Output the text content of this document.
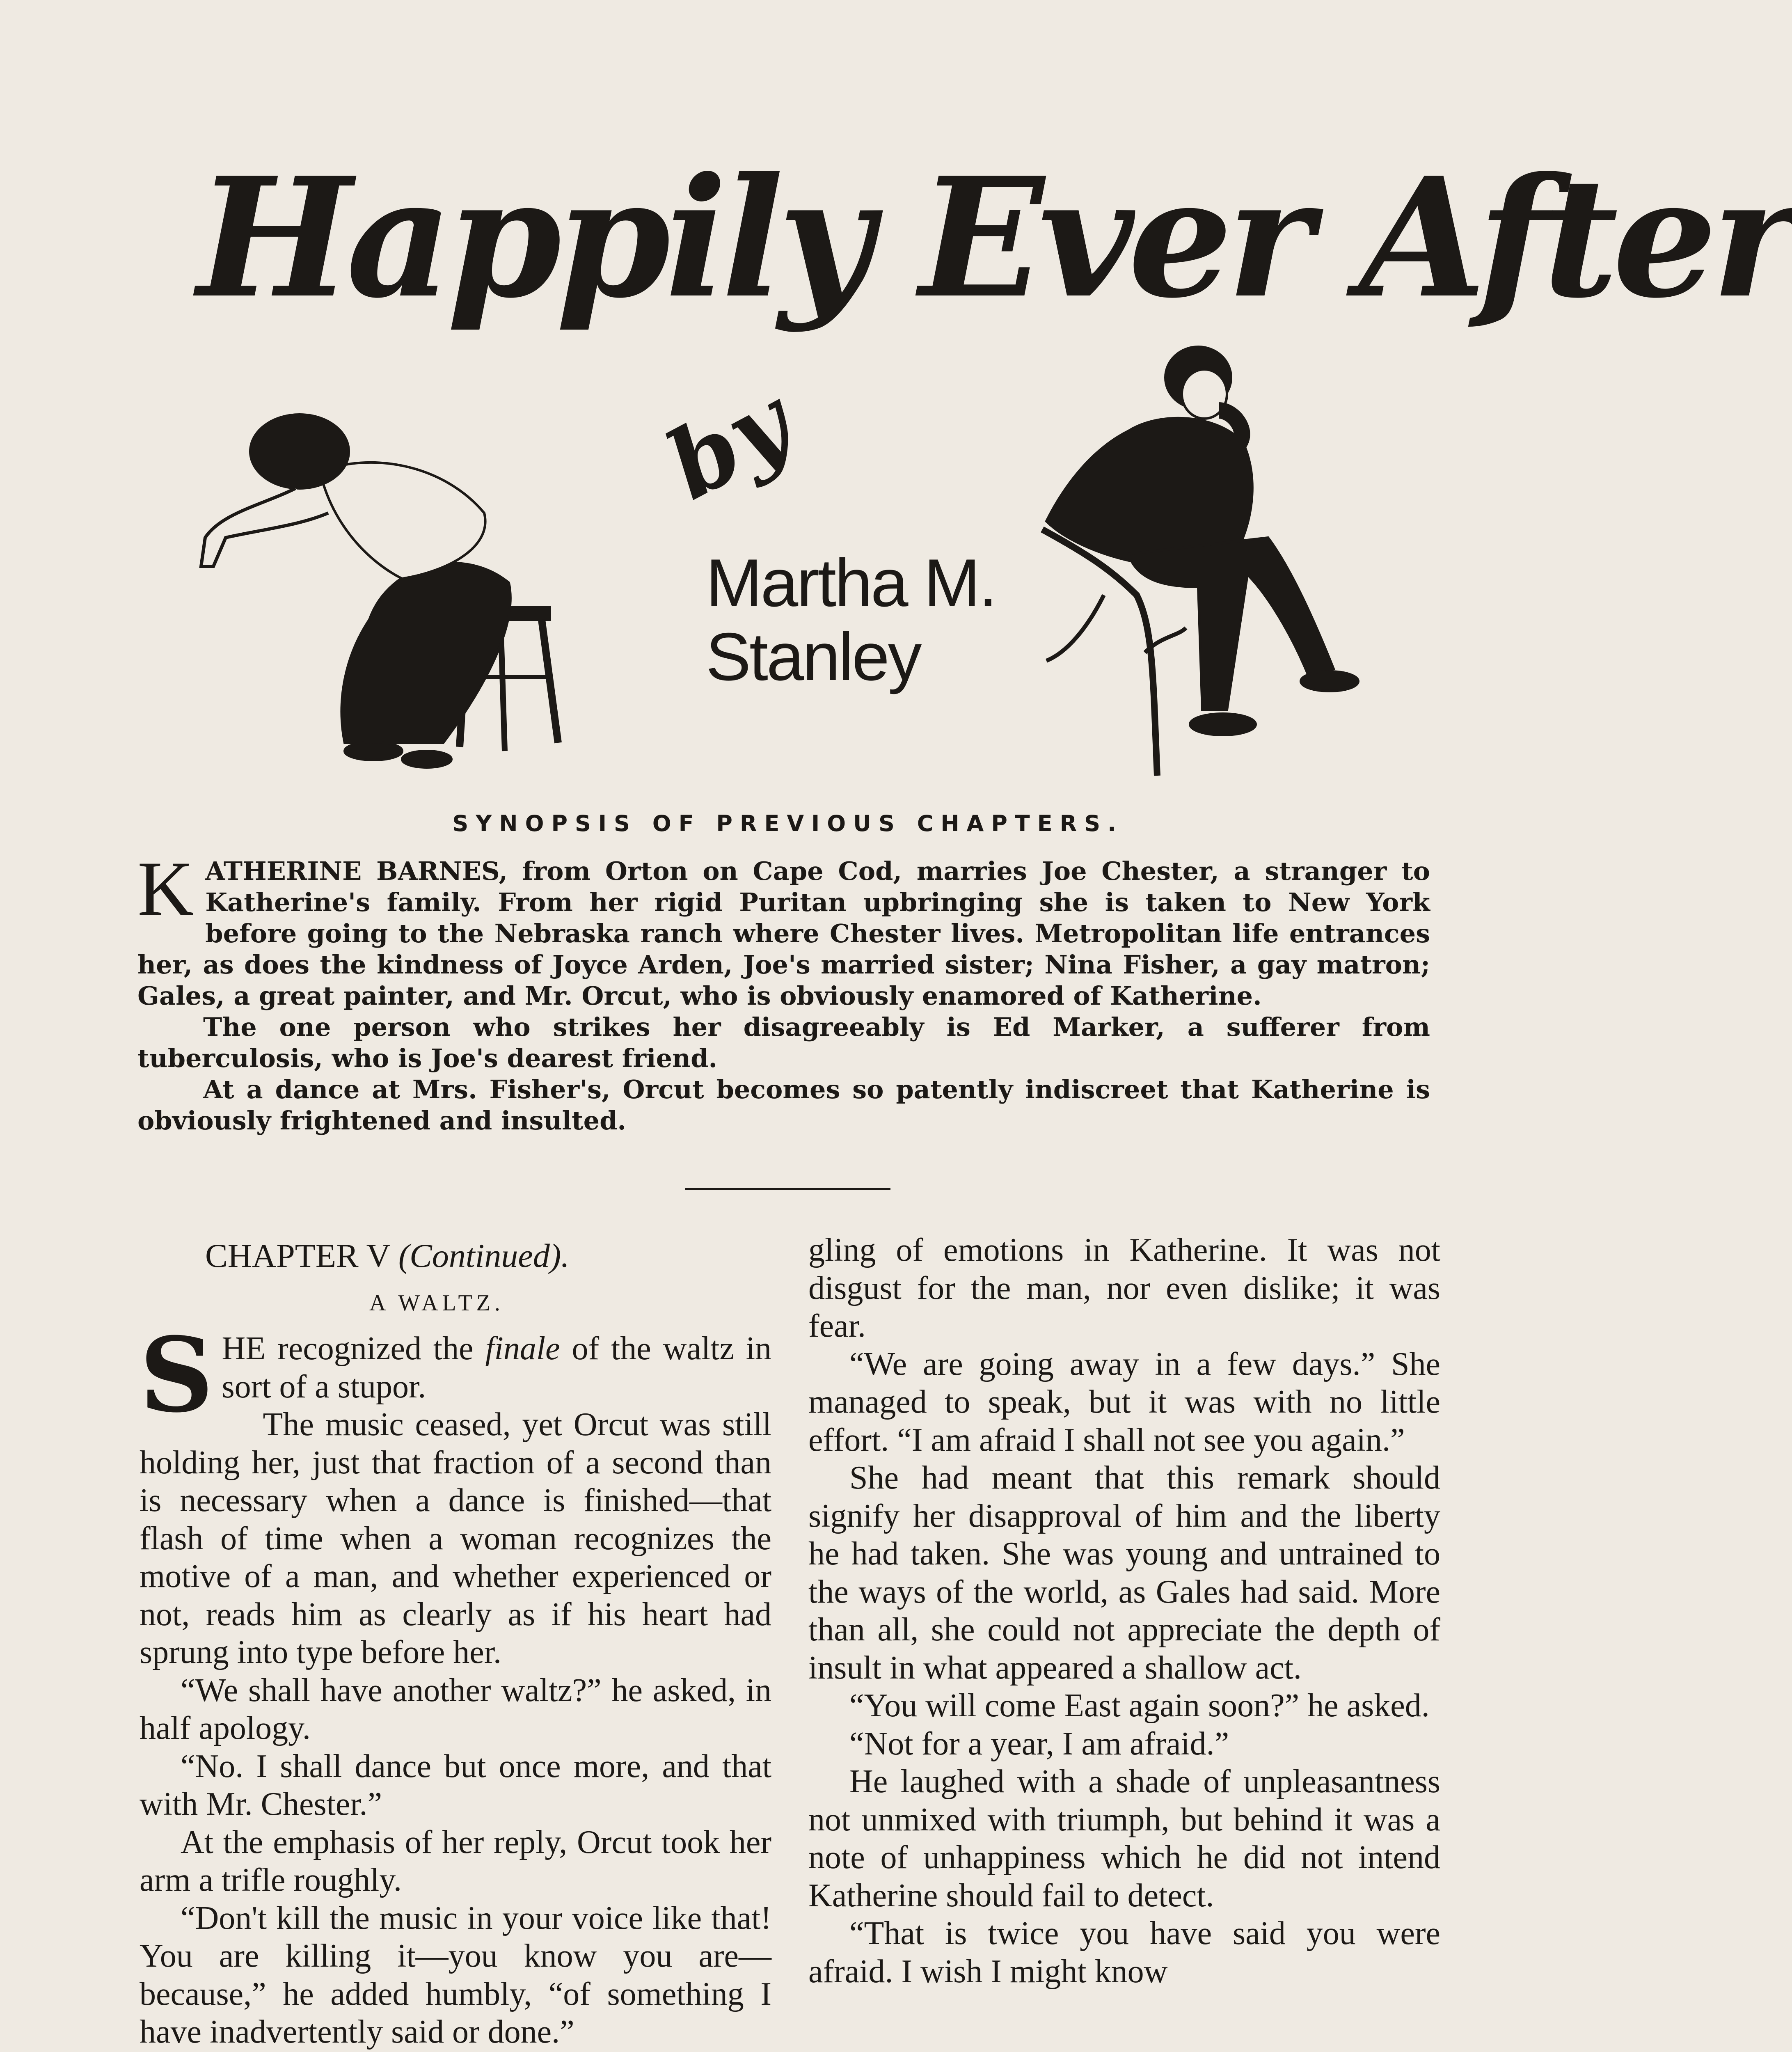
Happily Ever After
by
Martha M.
Stanley
SYNOPSIS OF PREVIOUS CHAPTERS.

KATHERINE BARNES, from Orton on Cape Cod, marries Joe Chester, a stranger to Katherine's family. From her rigid Puritan upbringing she is taken to New York before going to the Nebraska ranch where Chester lives. Metropolitan life entrances her, as does the kindness of Joyce Arden, Joe's married sister; Nina Fisher, a gay matron; Gales, a great painter, and Mr. Orcut, who is obviously enamored of Katherine.

The one person who strikes her disagreeably is Ed Marker, a sufferer from tuberculosis, who is Joe's dearest friend.

At a dance at Mrs. Fisher's, Orcut becomes so patently indiscreet that Katherine is obviously frightened and insulted.

CHAPTER V (Continued).
A WALTZ.

SHE recognized the finale of the waltz in sort of a stupor.

The music ceased, yet Orcut was still holding her, just that fraction of a second than is necessary when a dance is finished—that flash of time when a woman recognizes the motive of a man, and whether experienced or not, reads him as clearly as if his heart had sprung into type before her.

“We shall have another waltz?” he asked, in half apology.

“No. I shall dance but once more, and that with Mr. Chester.”

At the emphasis of her reply, Orcut took her arm a trifle roughly.

“Don't kill the music in your voice like that! You are killing it—you know you are—because,” he added humbly, “of something I have inadvertently said or done.”

gling of emotions in Katherine. It was not disgust for the man, nor even dislike; it was fear.

“We are going away in a few days.” She managed to speak, but it was with no little effort. “I am afraid I shall not see you again.”

She had meant that this remark should signify her disapproval of him and the liberty he had taken. She was young and untrained to the ways of the world, as Gales had said. More than all, she could not appreciate the depth of insult in what appeared a shallow act.

“You will come East again soon?” he asked.

“Not for a year, I am afraid.”

He laughed with a shade of unpleasantness not unmixed with triumph, but behind it was a note of unhappiness which he did not intend Katherine should fail to detect.

“That is twice you have said you were afraid. I wish I might know
